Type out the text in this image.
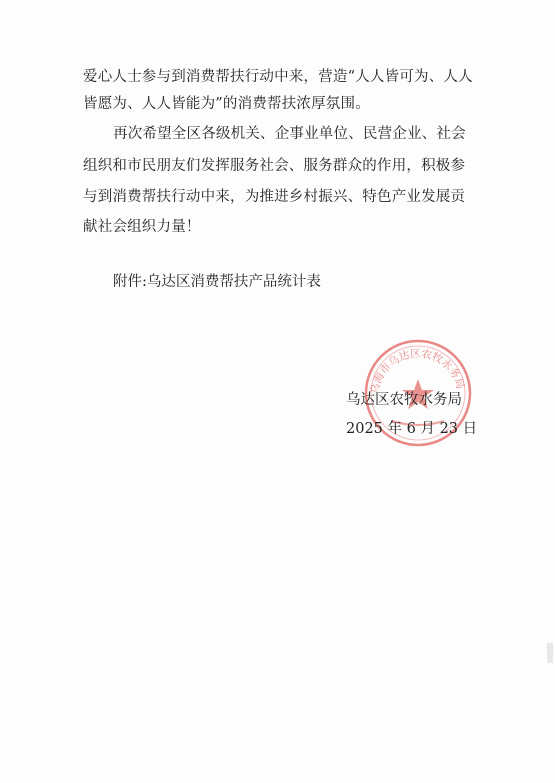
爱心人士参与到消费帮扶行动中来，营造“人人皆可为、人人
皆愿为、人人皆能为”的消费帮扶浓厚氛围。
再次希望全区各级机关、企事业单位、民营企业、社会
组织和市民朋友们发挥服务社会、服务群众的作用，积极参
与到消费帮扶行动中来，为推进乡村振兴、特色产业发展贡
献社会组织力量！
附件:乌达区消费帮扶产品统计表
乌海市乌达区农牧水务局
乌达区农牧水务局
2025 年 6 月 23 日
